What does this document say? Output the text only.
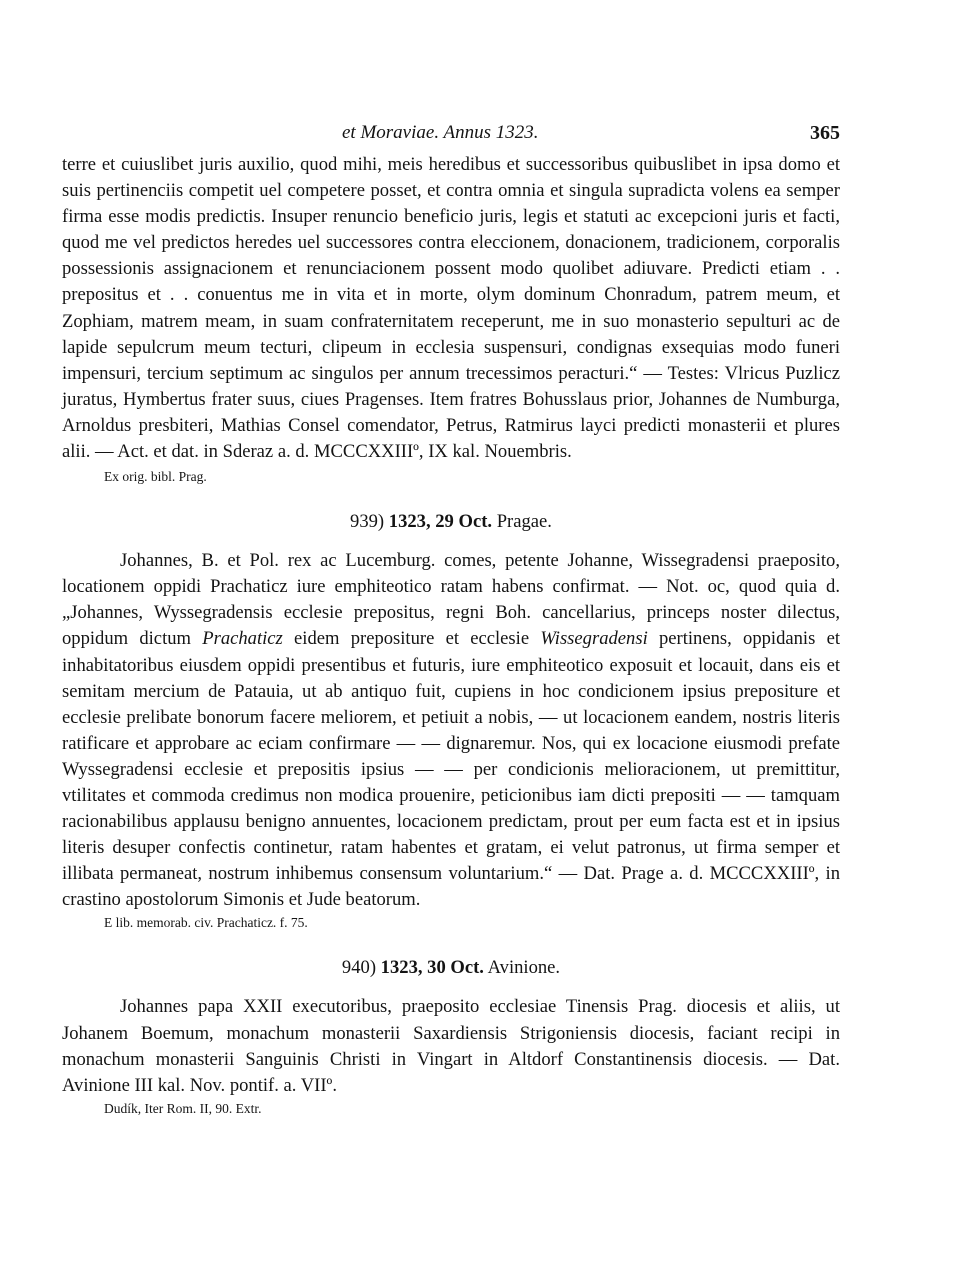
et Moraviae. Annus 1323.	365

terre et cuiuslibet juris auxilio, quod mihi, meis heredibus et successoribus quibuslibet in ipsa domo et suis pertinenciis competit uel competere posset, et contra omnia et singula supradicta volens ea semper firma esse modis predictis. Insuper renuncio beneficio juris, legis et statuti ac excepcioni juris et facti, quod me vel predictos heredes uel successores contra eleccionem, donacionem, tradicionem, corporalis possessionis assignacionem et renunciacionem possent modo quolibet adiuvare. Predicti etiam . . prepositus et . . conuentus me in vita et in morte, olym dominum Chonradum, patrem meum, et Zophiam, matrem meam, in suam confraternitatem receperunt, me in suo monasterio sepulturi ac de lapide sepulcrum meum tecturi, clipeum in ecclesia suspensuri, condignas exsequias modo funeri impensuri, tercium septimum ac singulos per annum trecessimos peracturi.“ — Testes: Vlricus Puzlicz juratus, Hymbertus frater suus, ciues Pragenses. Item fratres Bohusslaus prior, Johannes de Numburga, Arnoldus presbiteri, Mathias Consel comendator, Petrus, Ratmirus layci predicti monasterii et plures alii. — Act. et dat. in Sderaz a. d. MCCCXXIIIº, IX kal. Nouembris.

Ex orig. bibl. Prag.
939) 1323, 29 Oct. Pragae.

Johannes, B. et Pol. rex ac Lucemburg. comes, petente Johanne, Wissegradensi praeposito, locationem oppidi Prachaticz iure emphiteotico ratam habens confirmat. — Not. oc, quod quia d. „Johannes, Wyssegradensis ecclesie prepositus, regni Boh. cancellarius, princeps noster dilectus, oppidum dictum Prachaticz eidem prepositure et ecclesie Wissegradensi pertinens, oppidanis et inhabitatoribus eiusdem oppidi presentibus et futuris, iure emphiteotico exposuit et locauit, dans eis et semitam mercium de Patauia, ut ab antiquo fuit, cupiens in hoc condicionem ipsius prepositure et ecclesie prelibate bonorum facere meliorem, et petiuit a nobis, — ut locacionem eandem, nostris literis ratificare et approbare ac eciam confirmare — — dignaremur. Nos, qui ex locacione eiusmodi prefate Wyssegradensi ecclesie et prepositis ipsius — — per condicionis melioracionem, ut premittitur, vtilitates et commoda credimus non modica prouenire, peticionibus iam dicti prepositi — — tamquam racionabilibus applausu benigno annuentes, locacionem predictam, prout per eum facta est et in ipsius literis desuper confectis continetur, ratam habentes et gratam, ei velut patronus, ut firma semper et illibata permaneat, nostrum inhibemus consensum voluntarium.“ — Dat. Prage a. d. MCCCXXIIIº, in crastino apostolorum Simonis et Jude beatorum.

E lib. memorab. civ. Prachaticz. f. 75.

940) 1323, 30 Oct. Avinione.

Johannes papa XXII executoribus, praeposito ecclesiae Tinensis Prag. diocesis et aliis, ut Johanem Boemum, monachum monasterii Saxardiensis Strigoniensis diocesis, faciant recipi in monachum monasterii Sanguinis Christi in Vingart in Altdorf Constantinensis diocesis. — Dat. Avinione III kal. Nov. pontif. a. VIIº.

Dudík, Iter Rom. II, 90. Extr.
